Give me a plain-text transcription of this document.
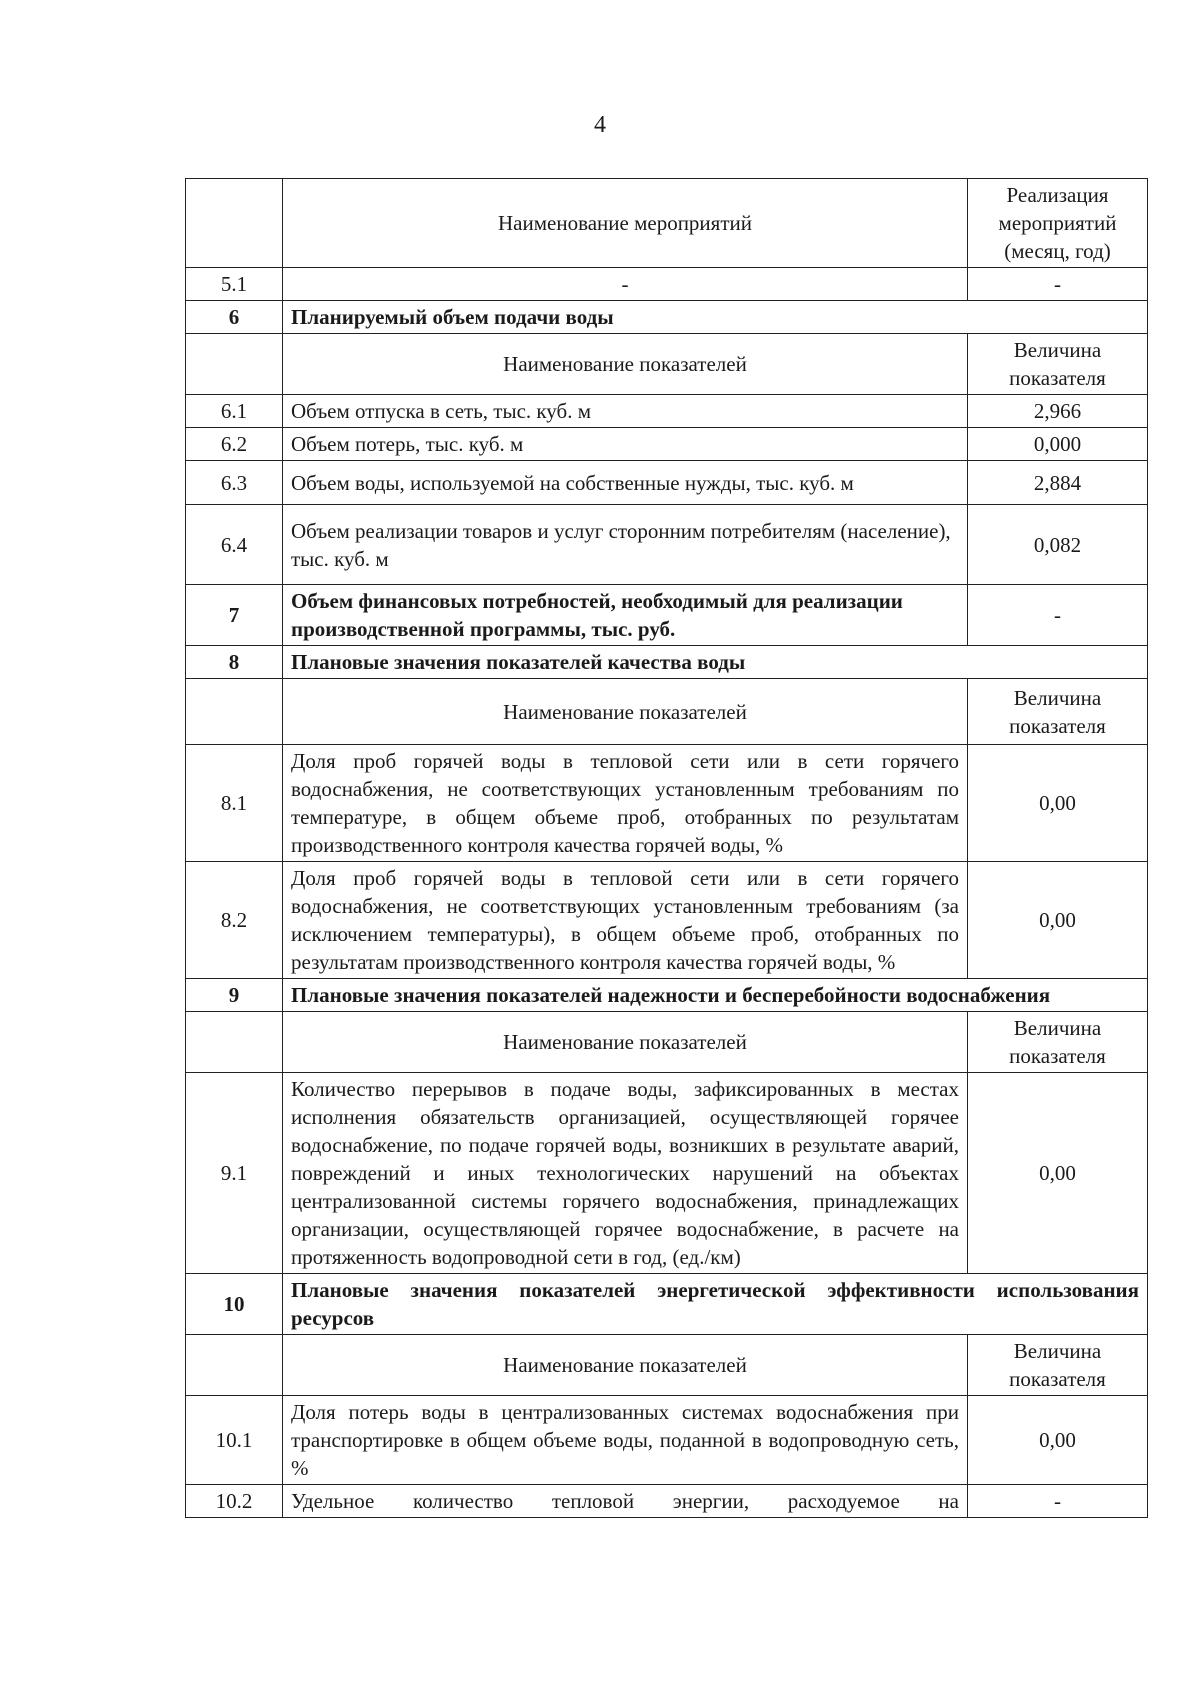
4
	Наименование мероприятий	Реализация мероприятий (месяц, год)
5.1	-	-
6	Планируемый объем подачи воды	
	Наименование показателей	Величина показателя
6.1	Объем отпуска в сеть, тыс. куб. м	2,966
6.2	Объем потерь, тыс. куб. м	0,000
6.3	Объем воды, используемой на собственные нужды, тыс. куб. м	2,884
6.4	Объем реализации товаров и услуг сторонним потребителям (население), тыс. куб. м	0,082
7	Объем финансовых потребностей, необходимый для реализации производственной программы, тыс. руб.	-
8	Плановые значения показателей качества воды	
	Наименование показателей	Величина показателя
8.1	Доля проб горячей воды в тепловой сети или в сети горячего водоснабжения, не соответствующих установленным требованиям по температуре, в общем объеме проб, отобранных по результатам производственного контроля качества горячей воды, %	0,00
8.2	Доля проб горячей воды в тепловой сети или в сети горячего водоснабжения, не соответствующих установленным требованиям (за исключением температуры), в общем объеме проб, отобранных по результатам производственного контроля качества горячей воды, %	0,00
9	Плановые значения показателей надежности и бесперебойности водоснабжения	
	Наименование показателей	Величина показателя
9.1	Количество перерывов в подаче воды, зафиксированных в местах исполнения обязательств организацией, осуществляющей горячее водоснабжение, по подаче горячей воды, возникших в результате аварий, повреждений и иных технологических нарушений на объектах централизованной системы горячего водоснабжения, принадлежащих организации, осуществляющей горячее водоснабжение, в расчете на протяженность водопроводной сети в год, (ед./км)	0,00
10	Плановые значения показателей энергетической эффективности использования ресурсов	
	Наименование показателей	Величина показателя
10.1	Доля потерь воды в централизованных системах водоснабжения при транспортировке в общем объеме воды, поданной в водопроводную сеть, %	0,00
10.2	Удельное количество тепловой энергии, расходуемое на	-
